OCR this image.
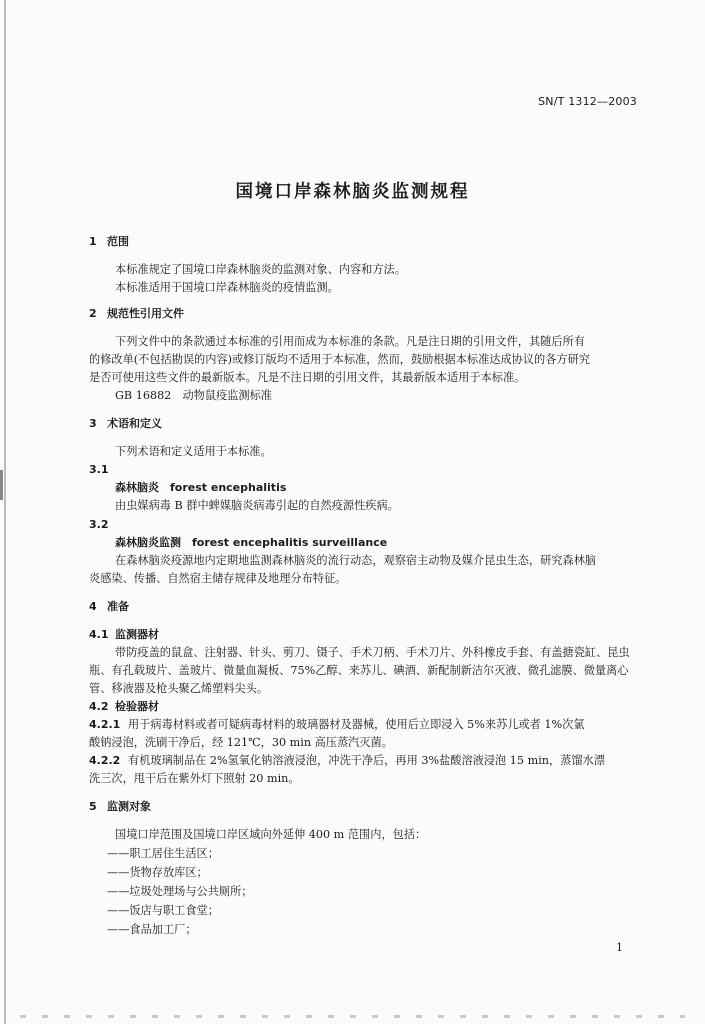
SN/T 1312—2003
国境口岸森林脑炎监测规程
1 范围
本标准规定了国境口岸森林脑炎的监测对象、内容和方法。
本标准适用于国境口岸森林脑炎的疫情监测。
2 规范性引用文件
下列文件中的条款通过本标准的引用而成为本标准的条款。凡是注日期的引用文件，其随后所有
的修改单(不包括勘误的内容)或修订版均不适用于本标准，然而，鼓励根据本标准达成协议的各方研究
是否可使用这些文件的最新版本。凡是不注日期的引用文件，其最新版本适用于本标准。
GB 16882　动物鼠疫监测标准
3 术语和定义
下列术语和定义适用于本标准。
3.1
森林脑炎　forest encephalitis
由虫媒病毒 B 群中蜱媒脑炎病毒引起的自然疫源性疾病。
3.2
森林脑炎监测　forest encephalitis surveillance
在森林脑炎疫源地内定期地监测森林脑炎的流行动态，观察宿主动物及媒介昆虫生态，研究森林脑
炎感染、传播、自然宿主储存规律及地理分布特征。
4 准备
4.1 监测器材
带防疫盖的鼠盒、注射器、针头、剪刀、镊子、手术刀柄、手术刀片、外科橡皮手套、有盖搪瓷缸、昆虫
瓶、有孔载玻片、盖玻片、微量血凝板、75%乙醇、来苏儿、碘酒、新配制新洁尔灭液、微孔滤膜、微量离心
管、移液器及枪头聚乙烯塑料尖头。
4.2 检验器材
4.2.1 用于病毒材料或者可疑病毒材料的玻璃器材及器械，使用后立即浸入 5%来苏儿或者 1%次氯
酸钠浸泡，洗刷干净后，经 121℃，30 min 高压蒸汽灭菌。
4.2.2 有机玻璃制品在 2%氢氧化钠溶液浸泡，冲洗干净后，再用 3%盐酸溶液浸泡 15 min，蒸馏水漂
洗三次，甩干后在紫外灯下照射 20 min。
5 监测对象
国境口岸范围及国境口岸区域向外延伸 400 m 范围内，包括：
——职工居住生活区；
——货物存放库区；
——垃圾处理场与公共厕所；
——饭店与职工食堂；
——食品加工厂；
1
